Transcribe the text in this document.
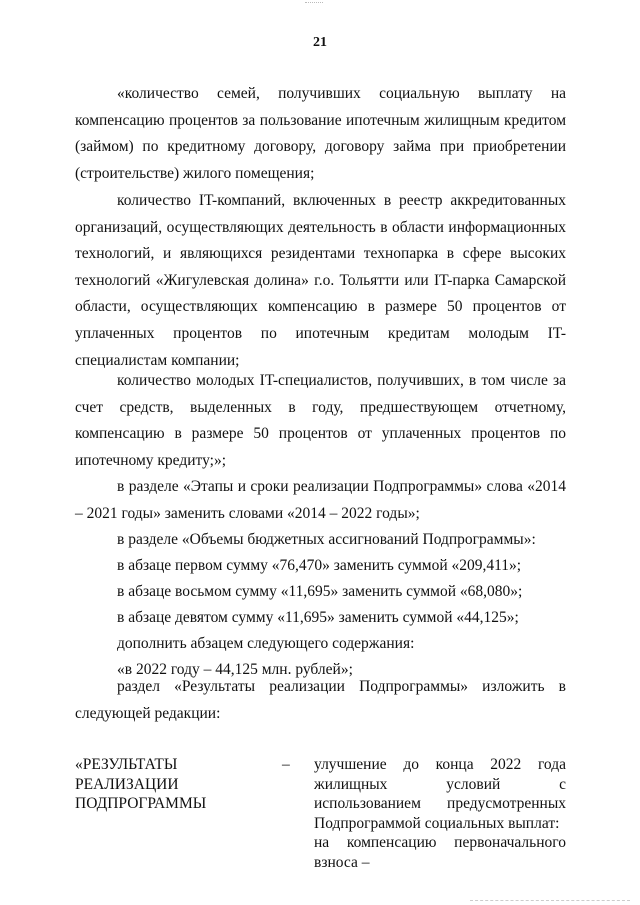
21

«количество семей, получивших социальную выплату на компенсацию процентов за пользование ипотечным жилищным кредитом (займом) по кредитному договору, договору займа при приобретении (строительстве) жилого помещения;

количество IT-компаний, включенных в реестр аккредитованных организаций, осуществляющих деятельность в области информационных технологий, и являющихся резидентами технопарка в сфере высоких технологий «Жигулевская долина» г.о. Тольятти или IT-парка Самарской области, осуществляющих компенсацию в размере 50 процентов от уплаченных процентов по ипотечным кредитам молодым IT-специалистам компании;

количество молодых IT-специалистов, получивших, в том числе за счет средств, выделенных в году, предшествующем отчетному, компенсацию в размере 50 процентов от уплаченных процентов по ипотечному кредиту;»;

в разделе «Этапы и сроки реализации Подпрограммы» слова «2014 – 2021 годы» заменить словами «2014 – 2022 годы»;

в разделе «Объемы бюджетных ассигнований Подпрограммы»:
в абзаце первом сумму «76,470» заменить суммой «209,411»;
в абзаце восьмом сумму «11,695» заменить суммой «68,080»;
в абзаце девятом сумму «11,695» заменить суммой «44,125»;
дополнить абзацем следующего содержания:
«в 2022 году – 44,125 млн. рублей»;

раздел «Результаты реализации Подпрограммы» изложить в следующей редакции:

«РЕЗУЛЬТАТЫ
РЕАЛИЗАЦИИ
ПОДПРОГРАММЫ
– улучшение до конца 2022 года жилищных условий с использованием предусмотренных Подпрограммой социальных выплат:

на компенсацию первоначального взноса –
